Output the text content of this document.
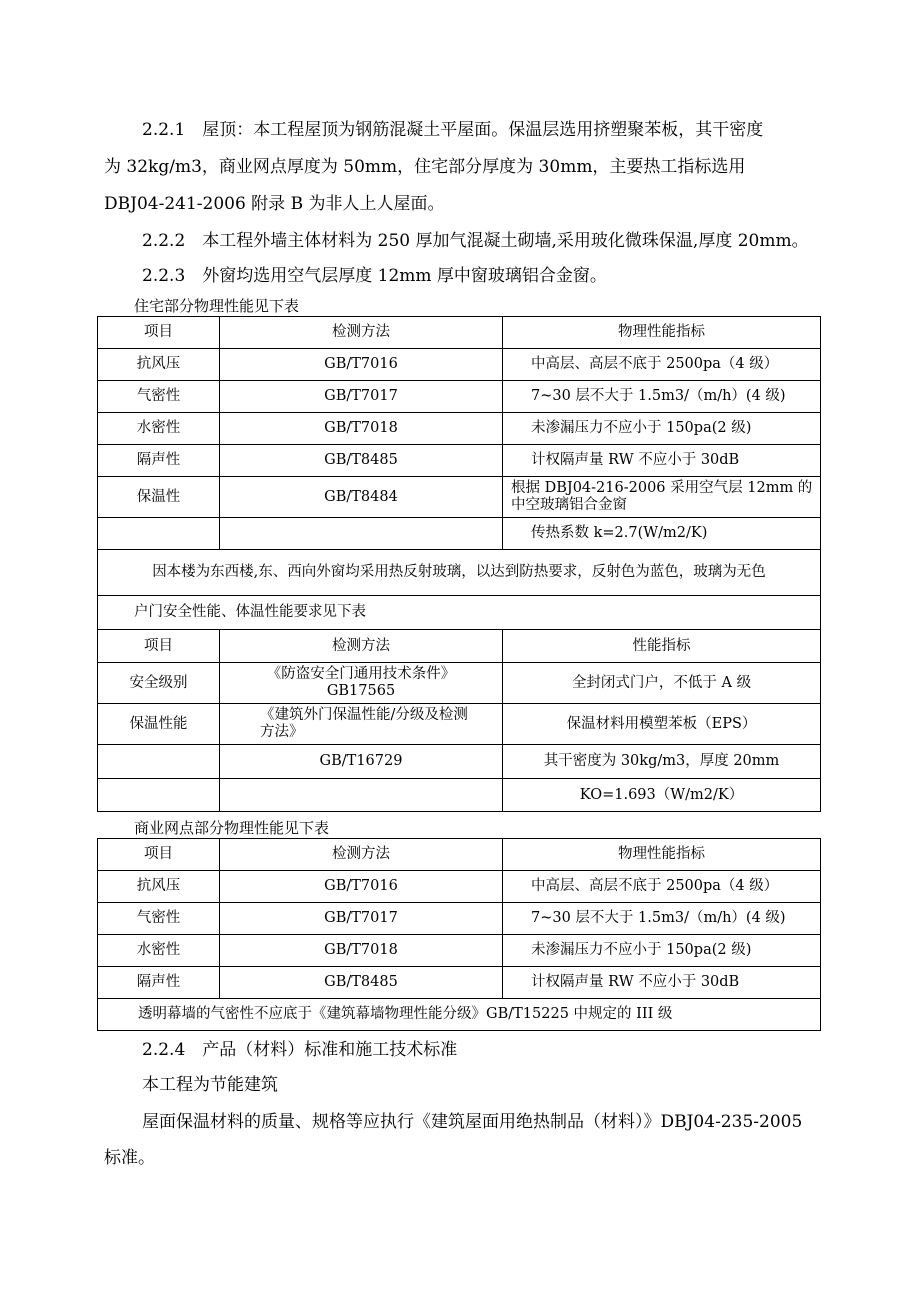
2.2.1　屋顶：本工程屋顶为钢筋混凝土平屋面。保温层选用挤塑聚苯板，其干密度
为 32kg/m3，商业网点厚度为 50mm，住宅部分厚度为 30mm，主要热工指标选用
DBJ04-241-2006 附录 B 为非人上人屋面。
2.2.2　本工程外墙主体材料为 250 厚加气混凝土砌墙,采用玻化微珠保温,厚度 20mm。
2.2.3　外窗均选用空气层厚度 12mm 厚中窗玻璃铝合金窗。
住宅部分物理性能见下表
项目	检测方法	物理性能指标
抗风压	GB/T7016	中高层、高层不底于 2500pa（4 级）
气密性	GB/T7017	7~30 层不大于 1.5m3/（m/h）(4 级)
水密性	GB/T7018	未渗漏压力不应小于 150pa(2 级)
隔声性	GB/T8485	计权隔声量 RW 不应小于 30dB
保温性	GB/T8484	根据 DBJ04-216-2006 采用空气层 12mm 的中空玻璃铝合金窗
		传热系数 k=2.7(W/m2/K)
因本楼为东西楼,东、西向外窗均采用热反射玻璃，以达到防热要求，反射色为蓝色，玻璃为无色		
户门安全性能、体温性能要求见下表		
项目	检测方法	性能指标
安全级别	《防盗安全门通用技术条件》GB17565	全封闭式门户，不低于 A 级
保温性能	《建筑外门保温性能/分级及检测方法》	保温材料用模塑苯板（EPS）
	GB/T16729	其干密度为 30kg/m3，厚度 20mm
		KO=1.693（W/m2/K）
商业网点部分物理性能见下表
项目	检测方法	物理性能指标
抗风压	GB/T7016	中高层、高层不底于 2500pa（4 级）
气密性	GB/T7017	7~30 层不大于 1.5m3/（m/h）(4 级)
水密性	GB/T7018	未渗漏压力不应小于 150pa(2 级)
隔声性	GB/T8485	计权隔声量 RW 不应小于 30dB
透明幕墙的气密性不应底于《建筑幕墙物理性能分级》GB/T15225 中规定的 III 级		
2.2.4　产品（材料）标准和施工技术标准
本工程为节能建筑
屋面保温材料的质量、规格等应执行《建筑屋面用绝热制品（材料）》DBJ04-235-2005
标准。
